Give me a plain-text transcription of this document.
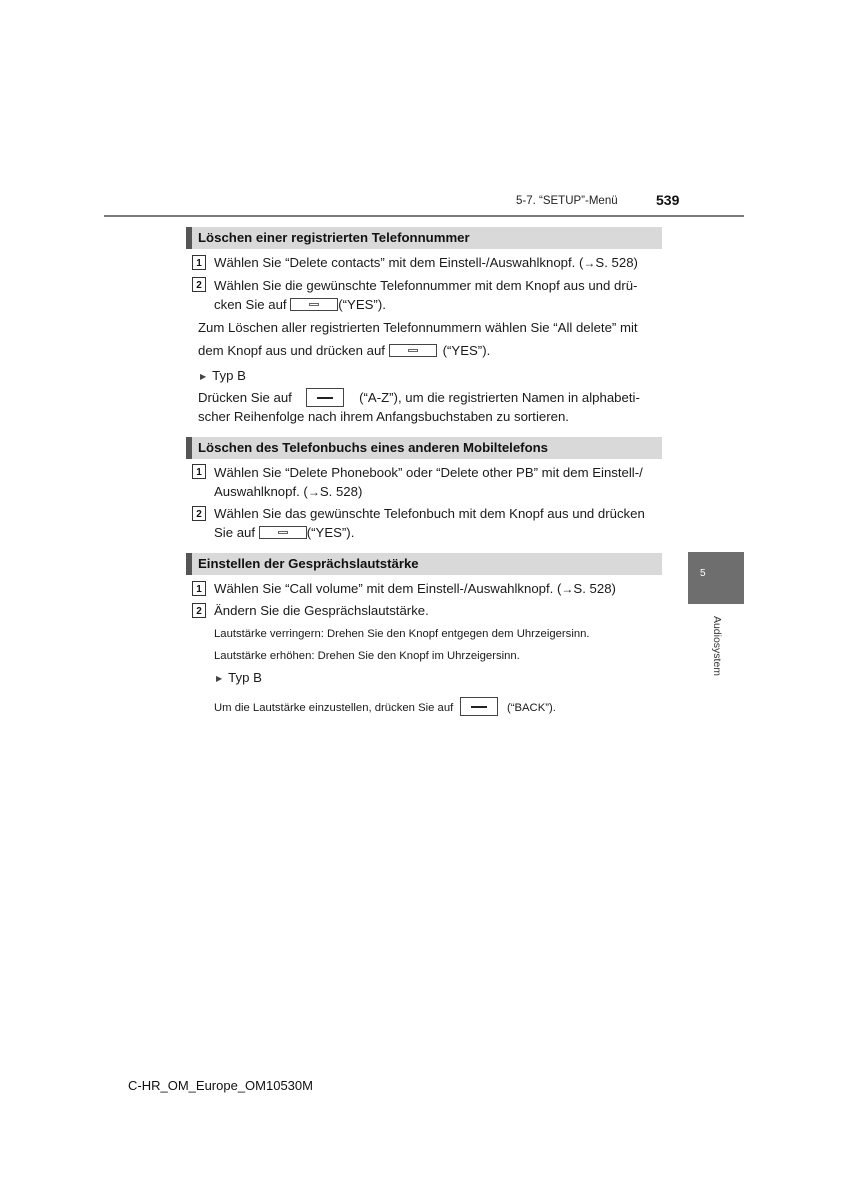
5-7. “SETUP”-Menü	539
5
Audiosystem
Löschen einer registrierten Telefonnummer
1 Wählen Sie “Delete contacts” mit dem Einstell-/Auswahlknopf. (→S. 528)
2 Wählen Sie die gewünschte Telefonnummer mit dem Knopf aus und drü-
cken Sie auf	(“YES”).
Zum Löschen aller registrierten Telefonnummern wählen Sie “All delete” mit
dem Knopf aus und drücken auf	(“YES”).
▶ Typ B
Drücken Sie auf	(“A-Z”), um die registrierten Namen in alphabeti-
scher Reihenfolge nach ihrem Anfangsbuchstaben zu sortieren.
Löschen des Telefonbuchs eines anderen Mobiltelefons
1 Wählen Sie “Delete Phonebook” oder “Delete other PB” mit dem Einstell-/
Auswahlknopf. (→S. 528)
2 Wählen Sie das gewünschte Telefonbuch mit dem Knopf aus und drücken
Sie auf	(“YES”).
Einstellen der Gesprächslautstärke
1 Wählen Sie “Call volume” mit dem Einstell-/Auswahlknopf. (→S. 528)
2 Ändern Sie die Gesprächslautstärke.
Lautstärke verringern: Drehen Sie den Knopf entgegen dem Uhrzeigersinn.
Lautstärke erhöhen: Drehen Sie den Knopf im Uhrzeigersinn.
▶ Typ B
Um die Lautstärke einzustellen, drücken Sie auf	(“BACK”).
C-HR_OM_Europe_OM10530M
